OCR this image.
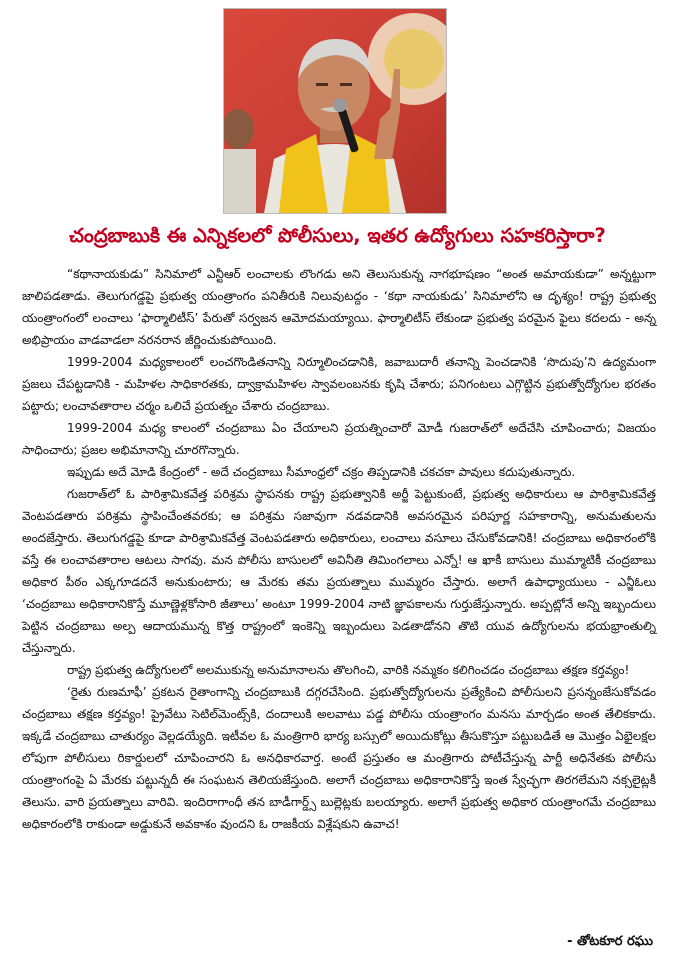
చంద్రబాబుకి ఈ ఎన్నికలలో పోలీసులు, ఇతర ఉద్యోగులు సహకరిస్తారా?

“కథానాయకుడు” సినిమాలో ఎన్టీఆర్ లంచాలకు లొంగడు అని తెలుసుకున్న నాగభూషణం “అంత అమాయకుడా” అన్నట్టుగా జాలిపడతాడు. తెలుగుగడ్డపై ప్రభుత్వ యంత్రాంగం పనితీరుకి నిలువుటద్దం - ‘కథా నాయకుడు’ సినిమాలోని ఆ దృశ్యం! రాష్ట్ర ప్రభుత్వ యంత్రాంగంలో లంచాలు ‘ఫార్మాలిటీస్’ పేరుతో సర్వజన ఆమోదమయ్యాయి. ఫార్మాలిటీస్ లేకుండా ప్రభుత్వ పరమైన ఫైలు కదలదు - అన్న అభిప్రాయం వాడవాడలా నరనరాన జీర్ణించుకుపోయింది.

1999-2004 మధ్యకాలంలో లంచగొండితనాన్ని నిర్మూలించడానికి, జవాబుదారీ తనాన్ని పెంచడానికి ‘సొదుపు’ని ఉద్యమంగా ప్రజలు చేపట్టడానికి - మహిళల సాధికారతకు, ద్వాక్రామహిళల స్వావలంబనకు కృషి చేశారు; పనిగంటలు ఎగ్గొట్టిన ప్రభుత్వోద్యోగుల భరతం పట్టారు; లంచావతారాల చర్మం ఒలిచే ప్రయత్నం చేశారు చంద్రబాబు.

1999-2004 మధ్య కాలంలో చంద్రబాబు ఏం చేయాలని ప్రయత్నించారో మోడీ గుజరాత్‌లో అదేచేసి చూపించారు; విజయం సాధించారు; ప్రజల అభిమానాన్ని చూరగొన్నారు.

ఇప్పుడు అదే మోడి కేంద్రంలో - అదే చంద్రబాబు సీమాంధ్రలో చక్రం తిప్పడానికి చకచకా పావులు కదుపుతున్నారు.

గుజరాత్‌లో ఓ పారిశ్రామికవేత్త పరిశ్రమ స్థాపనకు రాష్ట్ర ప్రభుత్వానికి అర్జీ పెట్టుకుంటే, ప్రభుత్వ అధికారులు ఆ పారిశ్రామికవేత్త వెంటపడతారు పరిశ్రమ స్థాపించేంతవరకు; ఆ పరిశ్రమ సజావుగా నడవడానికి అవసరమైన పరిపూర్ణ సహకారాన్ని, అనుమతులను అందజేస్తారు. తెలుగుగడ్డపై కూడా పారిశ్రామికవేత్త వెంటపడతారు అధికారులు, లంచాలు వసూలు చేసుకోవడానికి! చంద్రబాబు అధికారంలోకి వస్తే ఈ లంచావతారాల ఆటలు సాగవు. మన పోలీసు బాసులలో అవినీతి తిమింగలాలు ఎన్నో! ఆ ఖాకీ బాసులు ముమ్మాటికీ చంద్రబాబు అధికార పీఠం ఎక్కగూడదనే అనుకుంటారు; ఆ మేరకు తమ ప్రయత్నాలు ముమ్మరం చేస్తారు. అలాగే ఉపాధ్యాయులు - ఎన్జీఓలు ‘చంద్రబాబు అధికారానికొస్తే మూణ్ణెళ్లకోసారి జీతాలు’ అంటూ 1999-2004 నాటి జ్ఞాపకాలను గుర్తుజేస్తున్నారు. అప్పట్లోనే అన్ని ఇబ్బందులు పెట్టిన చంద్రబాబు అల్ప ఆదాయమున్న కొత్త రాష్ట్రంలో ఇంకెన్ని ఇబ్బందులు పెడతాడోనని తొటి యువ ఉద్యోగులను భయభ్రాంతుల్ని చేస్తున్నారు.

రాష్ట్ర ప్రభుత్వ ఉద్యోగులలో అలముకున్న అనుమానాలను తొలగించి, వారికి నమ్మకం కలిగించడం చంద్రబాబు తక్షణ కర్తవ్యం!

‘రైతు రుణమాఫీ’ ప్రకటన రైతాంగాన్ని చంద్రబాబుకి దగ్గరచేసింది. ప్రభుత్వోద్యోగులను ప్రత్యేకించి పోలీసులని ప్రసన్నంజేసుకోవడం చంద్రబాబు తక్షణ కర్తవ్యం! ప్రైవేటు సెటిల్‌మెంట్స్‌కి, దందాలుకి అలవాటు పడ్డ పోలీసు యంత్రాంగం మనసు మార్చడం అంత తేలికకాదు. ఇక్కడే చంద్రబాబు చాతుర్యం వెల్లడయ్యేది. ఇటీవల ఓ మంత్రిగారి భార్య బస్సులో అయిదుకోట్లు తీసుకొస్తూ పట్టుబడితే ఆ మొత్తం ఏభైలక్షల లోపుగా పోలీసులు రికార్డులలో చూపించారని ఓ అనధికారవార్త. అంటే ప్రస్తుతం ఆ మంత్రిగారు పోటీచేస్తున్న పార్టీ అధినేతకు పోలీసు యంత్రాంగంపై ఏ మేరకు పట్టున్నదీ ఈ సంఘటన తెలియజేస్తుంది. అలాగే చంద్రబాబు అధికారానికొస్తే ఇంత స్వేచ్ఛగా తిరగలేమని నక్సలైట్లకీ తెలుసు. వారి ప్రయత్నాలు వారివి. ఇందిరాగాంధీ తన బాడీగార్డ్స్ బుల్లెట్లకు బలయ్యారు. అలాగే ప్రభుత్వ అధికార యంత్రాంగమే చంద్రబాబు అధికారంలోకి రాకుండా అడ్డుకునే అవకాశం వుందని ఓ రాజకీయ విశ్లేషకుని ఉవాచ!

- తోటకూర రఘు
